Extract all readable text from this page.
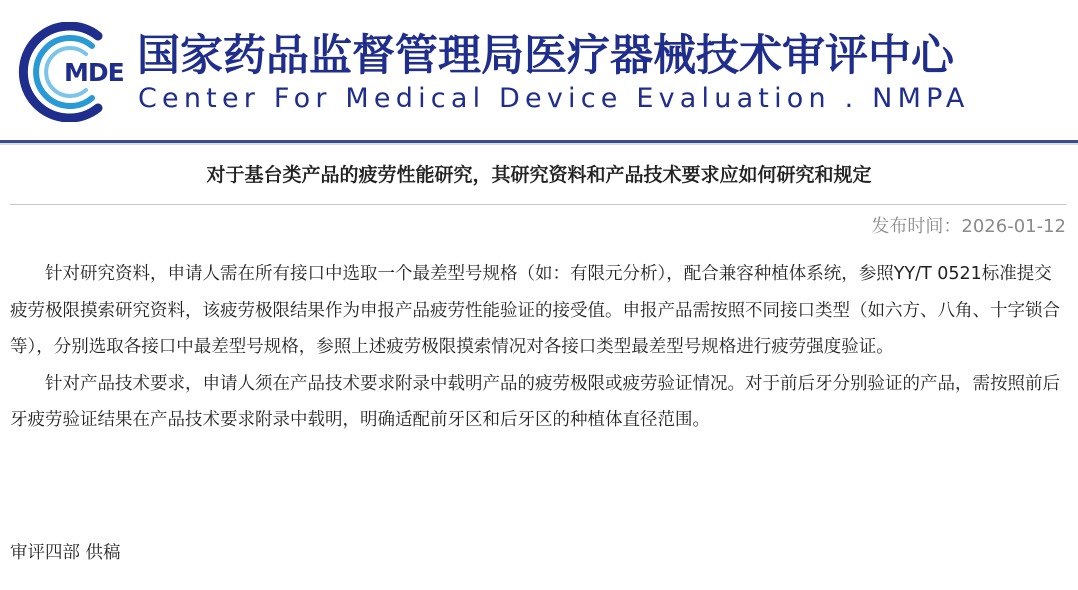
MDE 国家药品监督管理局医疗器械技术审评中心
Center For Medical Device Evaluation . NMPA
对于基台类产品的疲劳性能研究，其研究资料和产品技术要求应如何研究和规定
发布时间：2026-01-12

针对研究资料，申请人需在所有接口中选取一个最差型号规格（如：有限元分析），配合兼容种植体系统，参照YY/T 0521标准提交疲劳极限摸索研究资料，该疲劳极限结果作为申报产品疲劳性能验证的接受值。申报产品需按照不同接口类型（如六方、八角、十字锁合等），分别选取各接口中最差型号规格，参照上述疲劳极限摸索情况对各接口类型最差型号规格进行疲劳强度验证。

针对产品技术要求，申请人须在产品技术要求附录中载明产品的疲劳极限或疲劳验证情况。对于前后牙分别验证的产品，需按照前后牙疲劳验证结果在产品技术要求附录中载明，明确适配前牙区和后牙区的种植体直径范围。

审评四部 供稿
